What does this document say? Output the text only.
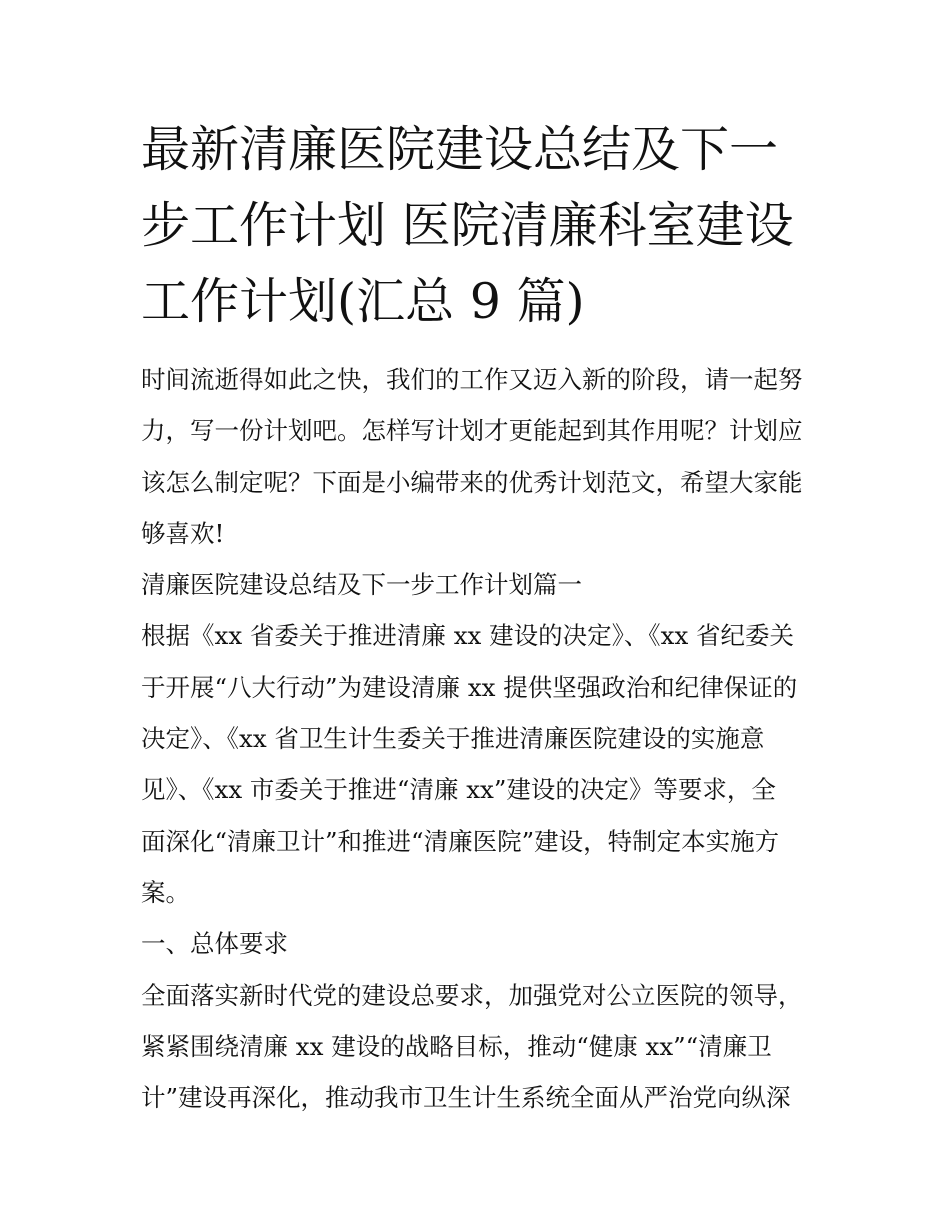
最新清廉医院建设总结及下一
步工作计划 医院清廉科室建设
工作计划(汇总 9 篇)
时间流逝得如此之快，我们的工作又迈入新的阶段，请一起努
力，写一份计划吧。怎样写计划才更能起到其作用呢？计划应
该怎么制定呢？下面是小编带来的优秀计划范文，希望大家能
够喜欢!
清廉医院建设总结及下一步工作计划篇一
根据《xx 省委关于推进清廉 xx 建设的决定》、《xx 省纪委关
于开展“八大行动”为建设清廉 xx 提供坚强政治和纪律保证的
决定》、《xx 省卫生计生委关于推进清廉医院建设的实施意
见》、《xx 市委关于推进“清廉 xx”建设的决定》等要求，全
面深化“清廉卫计”和推进“清廉医院”建设，特制定本实施方
案。
一、总体要求
全面落实新时代党的建设总要求，加强党对公立医院的领导，
紧紧围绕清廉 xx 建设的战略目标，推动“健康 xx”“清廉卫
计”建设再深化，推动我市卫生计生系统全面从严治党向纵深
